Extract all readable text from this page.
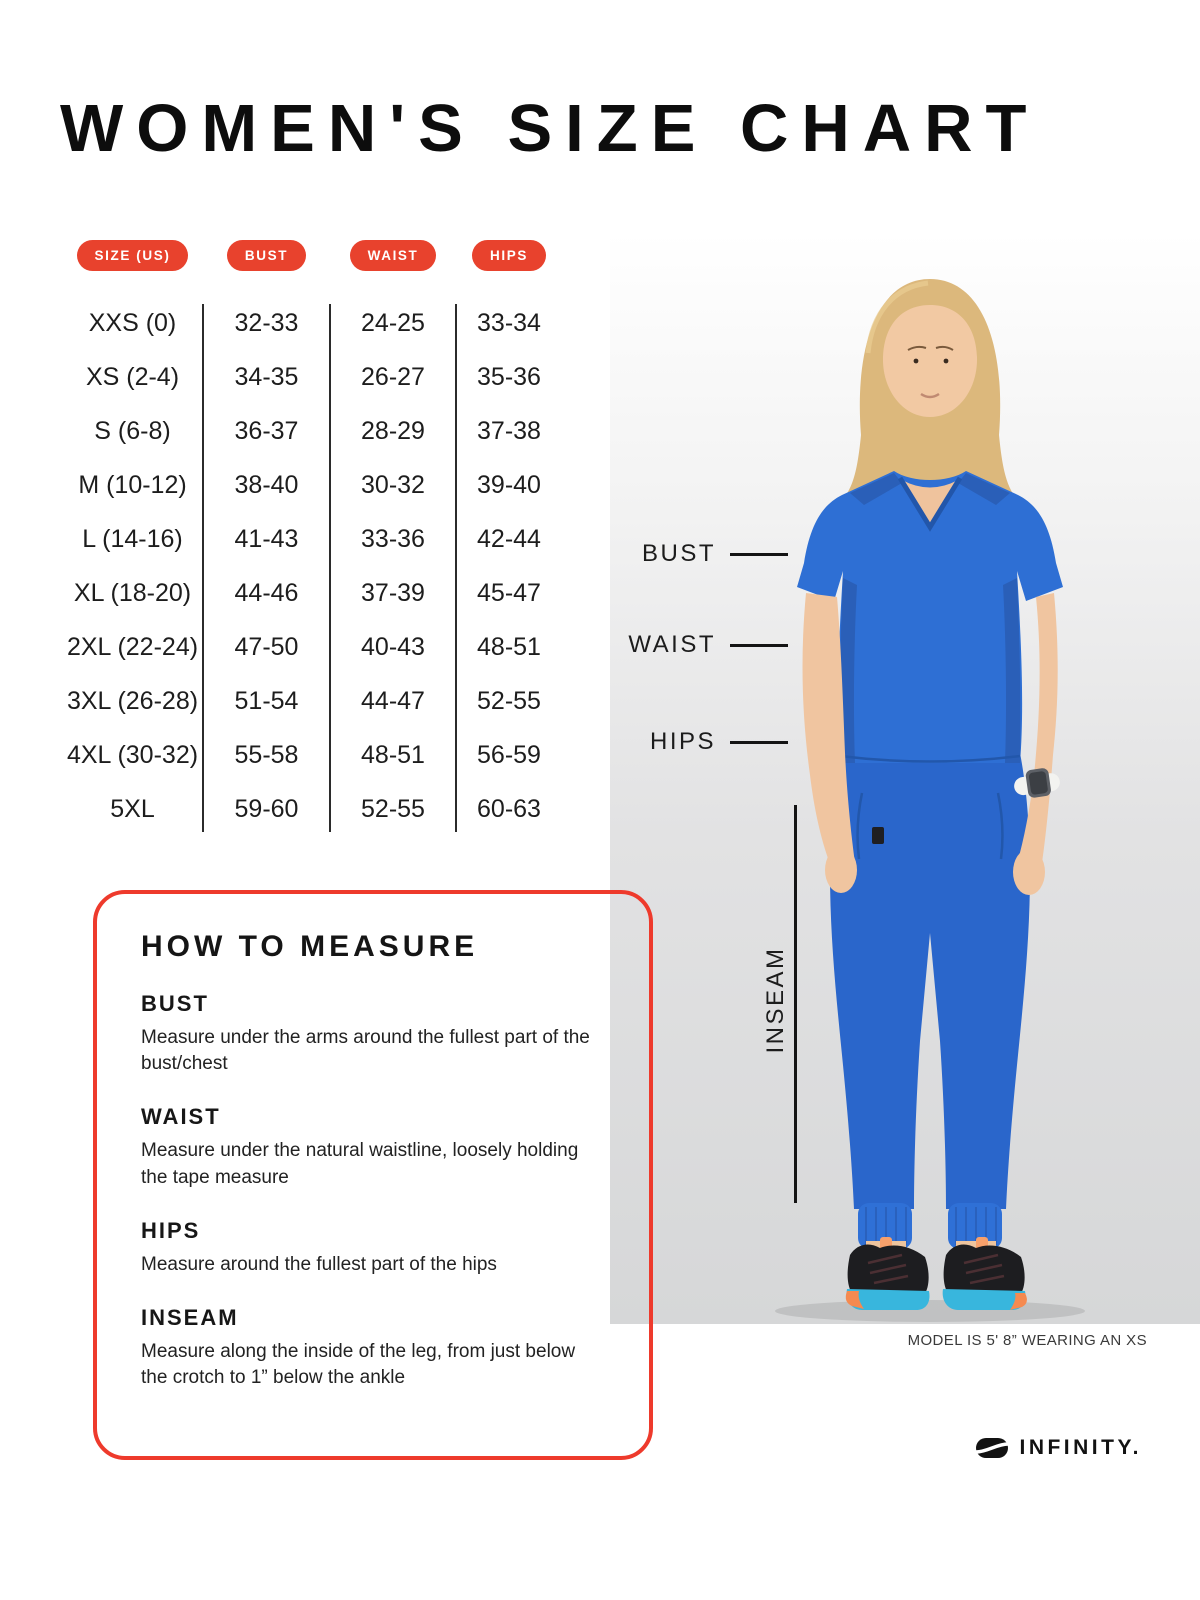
WOMEN'S SIZE CHART
BUST
WAIST
HIPS
INSEAM
MODEL IS 5' 8” WEARING AN XS
SIZE (US)	BUST	WAIST	HIPS
XXS (0)	32-33	24-25	33-34
XS (2-4)	34-35	26-27	35-36
S (6-8)	36-37	28-29	37-38
M (10-12)	38-40	30-32	39-40
L (14-16)	41-43	33-36	42-44
XL (18-20)	44-46	37-39	45-47
2XL (22-24)	47-50	40-43	48-51
3XL (26-28)	51-54	44-47	52-55
4XL (30-32)	55-58	48-51	56-59
5XL	59-60	52-55	60-63
HOW TO MEASURE
BUST
Measure under the arms around the fullest part of the bust/chest
WAIST
Measure under the natural waistline, loosely holding the tape measure
HIPS
Measure around the fullest part of the hips
INSEAM
Measure along the inside of the leg, from just below the crotch to 1” below the ankle
INFINITY.
